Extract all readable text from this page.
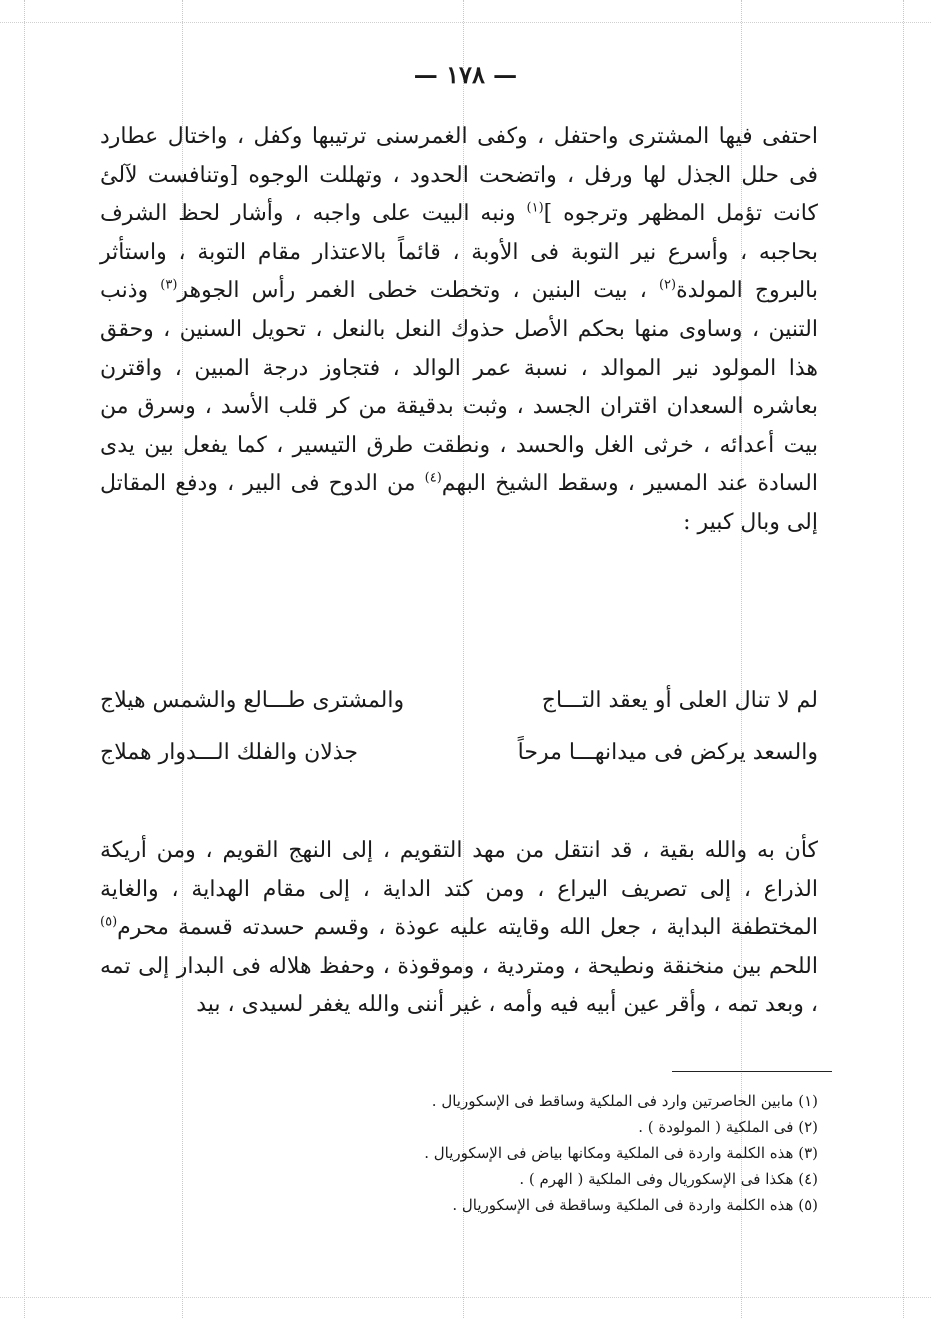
— ١٧٨ —

احتفى فيها المشترى واحتفل ، وكفى الغمرسنى ترتيبها وكفل ، واختال عطارد فى حلل الجذل لها ورفل ، واتضحت الحدود ، وتهللت الوجوه [وتنافست لآلئ كانت تؤمل المظهر وترجوه ]$^{(١)}$ ونبه البيت على واجبه ، وأشار لحظ الشرف بحاجبه ، وأسرع نير التوبة فى الأوبة ، قائماً بالاعتذار مقام التوبة ، واستأثر بالبروج المولدة$^{(٢)}$ ، بيت البنين ، وتخطت خطى الغمر رأس الجوهر$^{(٣)}$ وذنب التنين ، وساوى منها بحكم الأصل حذوك النعل بالنعل ، تحويل السنين ، وحقق هذا المولود نير الموالد ، نسبة عمر الوالد ، فتجاوز درجة المبين ، واقترن بعاشره السعدان اقتران الجسد ، وثبت بدقيقة من كر قلب الأسد ، وسرق من بيت أعدائه ، خرثى الغل والحسد ، ونطقت طرق التيسير ، كما يفعل بين يدى السادة عند المسير ، وسقط الشيخ البهم$^{(٤)}$ من الدوح فى البير ، ودفع المقاتل إلى وبال كبير :

لم لا تنال العلى أو يعقد التـــاج
والمشترى طـــالع والشمس هيلاج
والسعد يركض فى ميدانهـــا مرحاً
جذلان والفلك الـــدوار هملاج

كأن به والله بقية ، قد انتقل من مهد التقويم ، إلى النهج القويم ، ومن أريكة الذراع ، إلى تصريف اليراع ، ومن كتد الداية ، إلى مقام الهداية ، والغاية المختطفة البداية ، جعل الله وقايته عليه عوذة ، وقسم حسدته قسمة محرم$^{(٥)}$ اللحم بين منخنقة ونطيحة ، ومتردية ، وموقوذة ، وحفظ هلاله فى البدار إلى تمه ، وبعد تمه ، وأقر عين أبيه فيه وأمه ، غير أننى والله يغفر لسيدى ، بيد

(١) مابين الحاصرتين وارد فى الملكية وساقط فى الإسكوريال .
(٢) فى الملكية ( المولودة ) .
(٣) هذه الكلمة واردة فى الملكية ومكانها بياض فى الإسكوريال .
(٤) هكذا فى الإسكوريال وفى الملكية ( الهرم ) .
(٥) هذه الكلمة واردة فى الملكية وساقطة فى الإسكوريال .
